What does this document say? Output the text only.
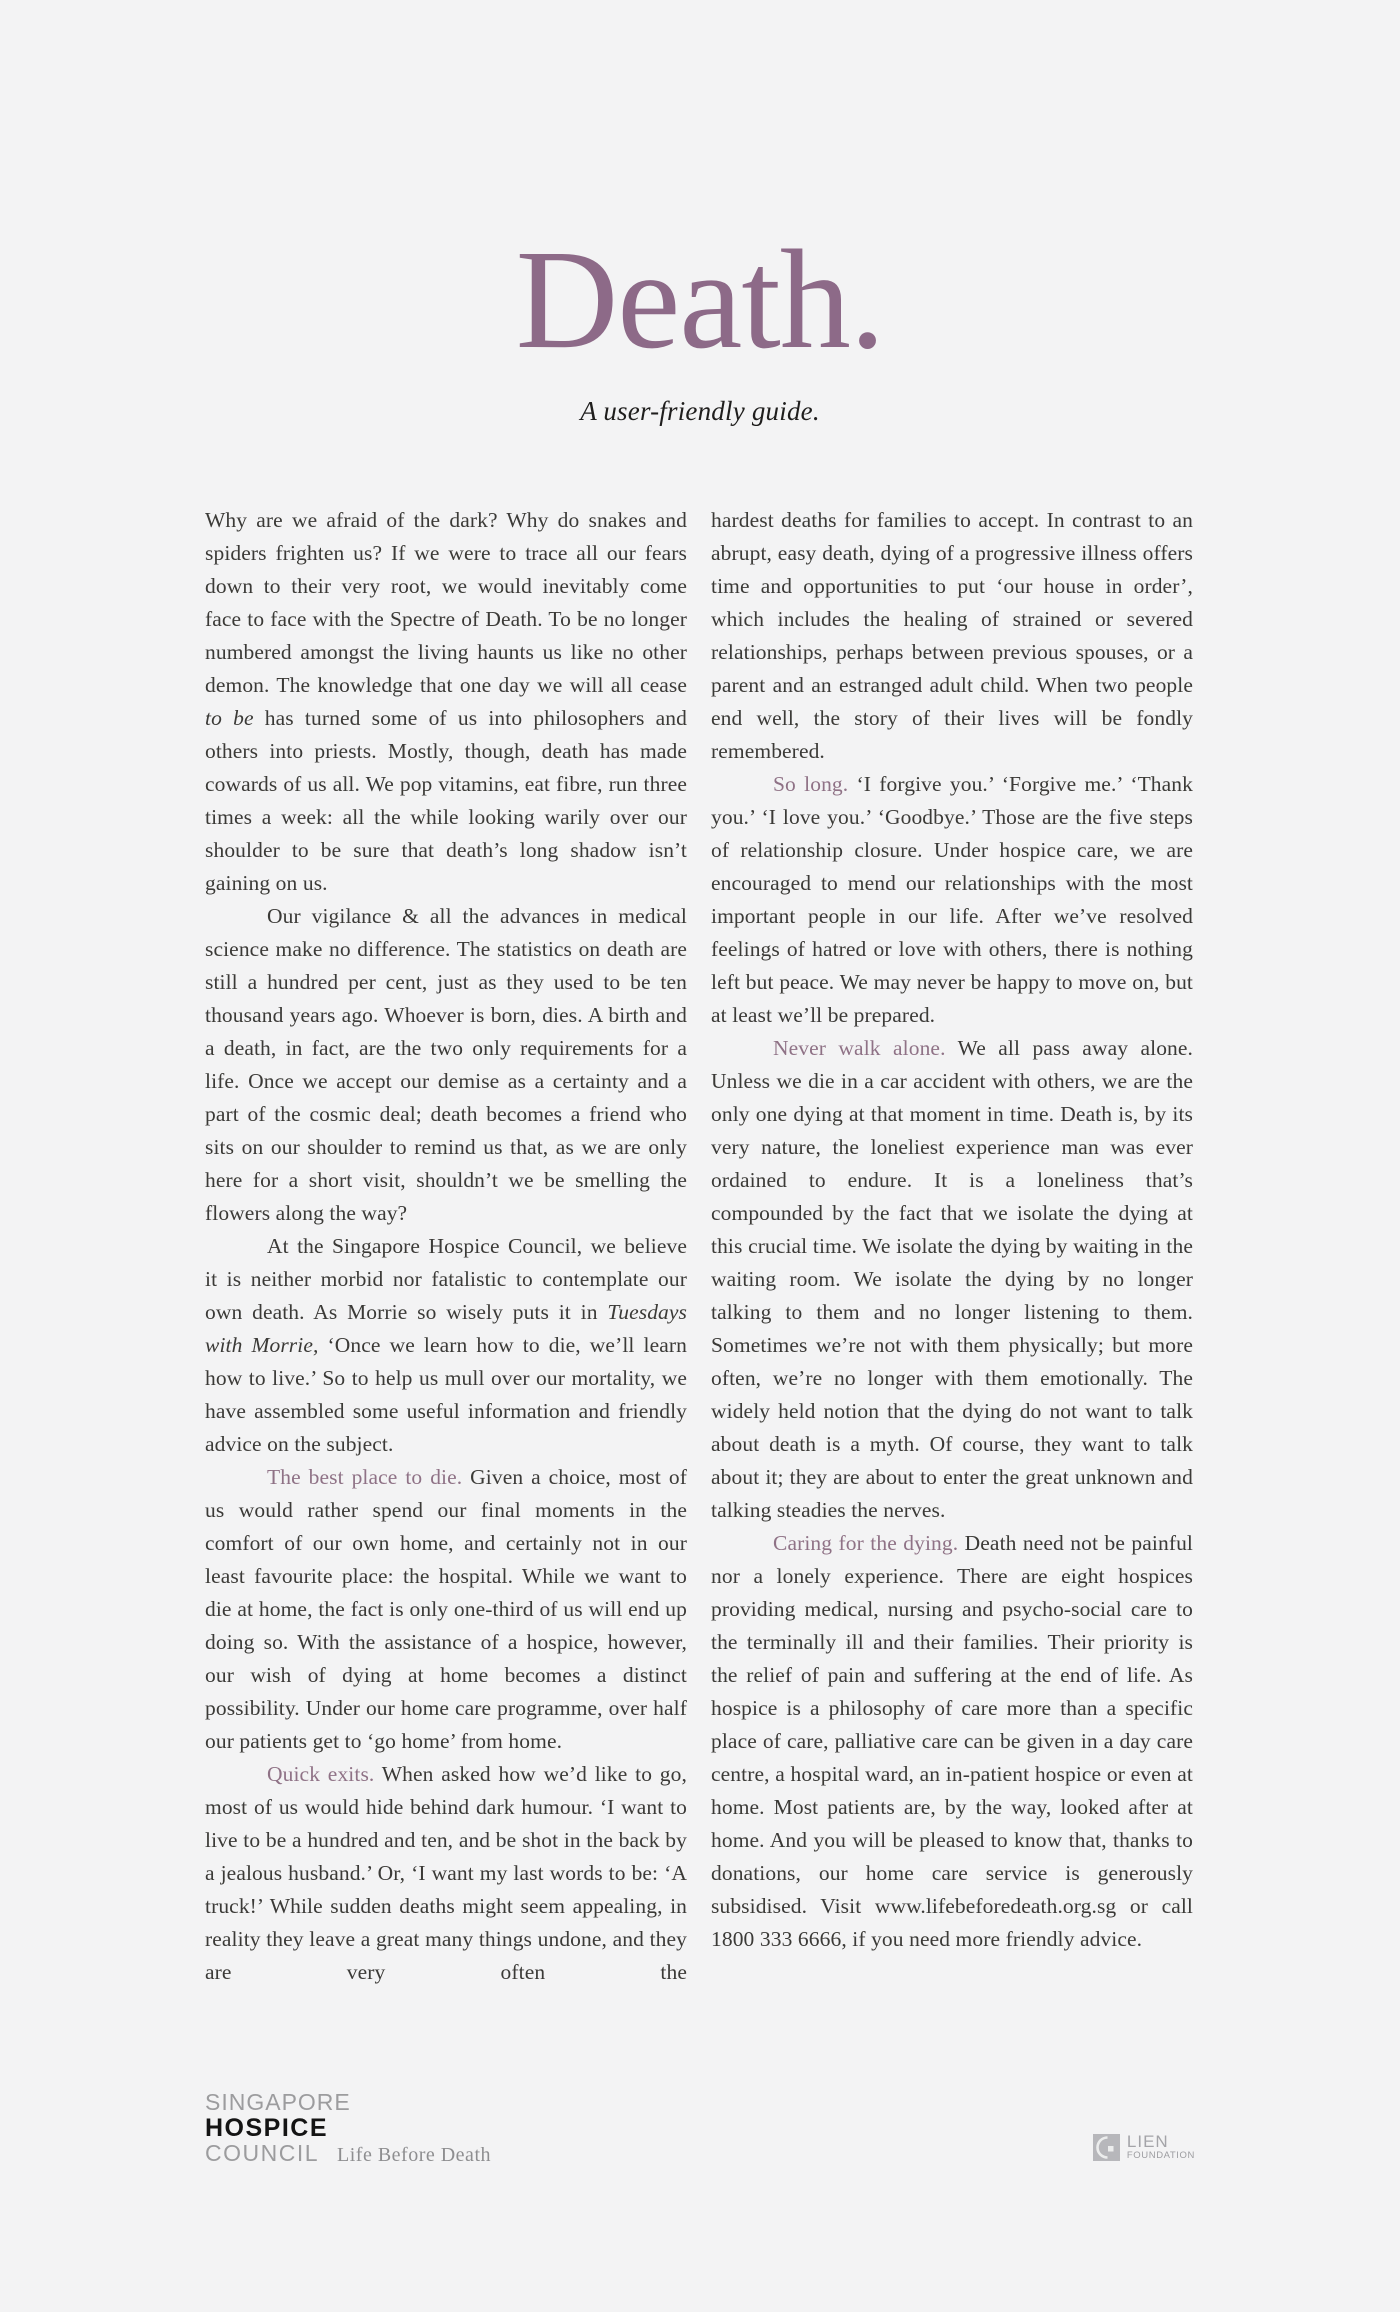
Death.

A user-friendly guide.

Why are we afraid of the dark? Why do snakes and spiders frighten us? If we were to trace all our fears down to their very root, we would inevitably come face to face with the Spectre of Death. To be no longer numbered amongst the living haunts us like no other demon. The knowledge that one day we will all cease to be has turned some of us into philosophers and others into priests. Mostly, though, death has made cowards of us all. We pop vitamins, eat fibre, run three times a week: all the while looking warily over our shoulder to be sure that death’s long shadow isn’t gaining on us.

Our vigilance & all the advances in medical science make no difference. The statistics on death are still a hundred per cent, just as they used to be ten thousand years ago. Whoever is born, dies. A birth and a death, in fact, are the two only requirements for a life. Once we accept our demise as a certainty and a part of the cosmic deal; death becomes a friend who sits on our shoulder to remind us that, as we are only here for a short visit, shouldn’t we be smelling the flowers along the way?

At the Singapore Hospice Council, we believe it is neither morbid nor fatalistic to contemplate our own death. As Morrie so wisely puts it in Tuesdays with Morrie, ‘Once we learn how to die, we’ll learn how to live.’ So to help us mull over our mortality, we have assembled some useful information and friendly advice on the subject.

The best place to die. Given a choice, most of us would rather spend our final moments in the comfort of our own home, and certainly not in our least favourite place: the hospital. While we want to die at home, the fact is only one-third of us will end up doing so. With the assistance of a hospice, however, our wish of dying at home becomes a distinct possibility. Under our home care programme, over half our patients get to ‘go home’ from home.

Quick exits. When asked how we’d like to go, most of us would hide behind dark humour. ‘I want to live to be a hundred and ten, and be shot in the back by a jealous husband.’ Or, ‘I want my last words to be: ‘A truck!’ While sudden deaths might seem appealing, in reality they leave a great many things undone, and they are very often the

hardest deaths for families to accept. In contrast to an abrupt, easy death, dying of a progressive illness offers time and opportunities to put ‘our house in order’, which includes the healing of strained or severed relationships, perhaps between previous spouses, or a parent and an estranged adult child. When two people end well, the story of their lives will be fondly remembered.

So long. ‘I forgive you.’ ‘Forgive me.’ ‘Thank you.’ ‘I love you.’ ‘Goodbye.’ Those are the five steps of relationship closure. Under hospice care, we are encouraged to mend our relationships with the most important people in our life. After we’ve resolved feelings of hatred or love with others, there is nothing left but peace. We may never be happy to move on, but at least we’ll be prepared.

Never walk alone. We all pass away alone. Unless we die in a car accident with others, we are the only one dying at that moment in time. Death is, by its very nature, the loneliest experience man was ever ordained to endure. It is a loneliness that’s compounded by the fact that we isolate the dying at this crucial time. We isolate the dying by waiting in the waiting room. We isolate the dying by no longer talking to them and no longer listening to them. Sometimes we’re not with them physically; but more often, we’re no longer with them emotionally. The widely held notion that the dying do not want to talk about death is a myth. Of course, they want to talk about it; they are about to enter the great unknown and talking steadies the nerves.

Caring for the dying. Death need not be painful nor a lonely experience. There are eight hospices providing medical, nursing and psycho-social care to the terminally ill and their families. Their priority is the relief of pain and suffering at the end of life. As hospice is a philosophy of care more than a specific place of care, palliative care can be given in a day care centre, a hospital ward, an in-patient hospice or even at home. Most patients are, by the way, looked after at home. And you will be pleased to know that, thanks to donations, our home care service is generously subsidised. Visit www.lifebeforedeath.org.sg or call 1800 333 6666, if you need more friendly advice.

SINGAPORE
HOSPICE
COUNCIL Life Before Death
LIEN
FOUNDATION
